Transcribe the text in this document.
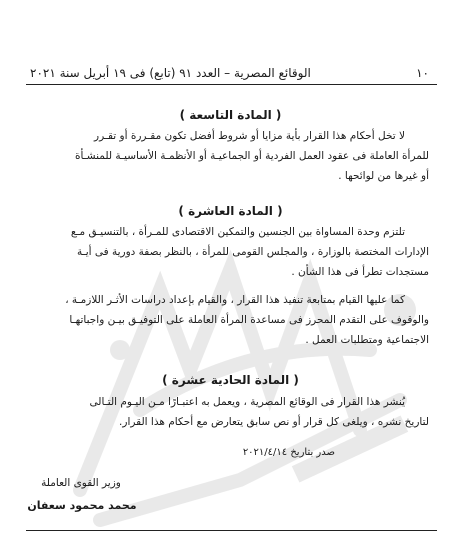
١٠
الوقائع المصرية – العدد ٩١ (تابع) فى ١٩ أبريل سنة ٢٠٢١
( المادة التاسعة )
لا تخل أحكام هذا القرار بأية مزايا أو شروط أفضل تكون مقـررة أو تقـرر
للمرأة العاملة فى عقود العمل الفردية أو الجماعيـة أو الأنظمـة الأساسيـة للمنشـأة
أو غيرها من لوائحها .
( المادة العاشرة )
تلتزم وحدة المساواة بين الجنسين والتمكين الاقتصادى للمـرأة ، بالتنسيـق مـع
الإدارات المختصة بالوزارة ، والمجلس القومى للمرأة ، بالنظر بصفة دورية فى أيـة
مستجدات تطرأ فى هذا الشأن .
كما عليها القيام بمتابعة تنفيذ هذا القرار ، والقيام بإعداد دراسات الأثـر اللازمـة ،
والوقوف على التقدم المحرز فى مساعدة المرأة العاملة على التوفيـق بيـن واجباتهـا
الاجتماعية ومتطلبات العمل .
( المادة الحادية عشرة )
يُنشر هذا القرار فى الوقائع المصرية ، ويعمل به اعتبـارًا مـن اليـوم التـالى
لتاريخ نشره ، ويلغى كل قرار أو نص سابق يتعارض مع أحكام هذا القرار.
صدر بتاريخ ٢٠٢١/٤/١٤
وزير القوى العاملة
محمد محمود سعفان
